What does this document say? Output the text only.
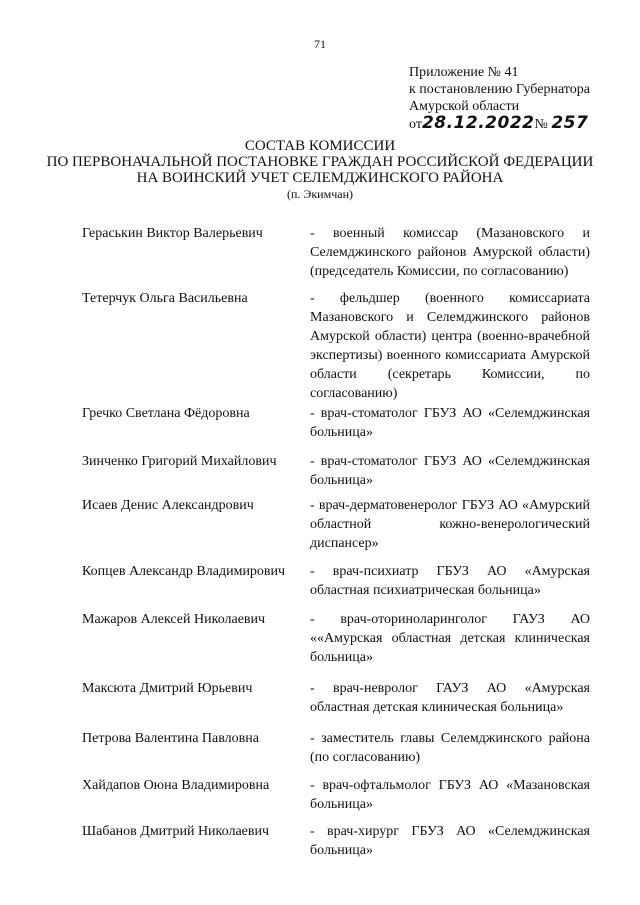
71
Приложение № 41
к постановлению Губернатора
Амурской области
от28.12.2022№ 257
СОСТАВ КОМИССИИ
ПО ПЕРВОНАЧАЛЬНОЙ ПОСТАНОВКЕ ГРАЖДАН РОССИЙСКОЙ ФЕДЕРАЦИИ
НА ВОИНСКИЙ УЧЕТ СЕЛЕМДЖИНСКОГО РАЙОНА
(п. Экимчан)
Гераськин Виктор Валерьевич	- военный комиссар (Мазановского и Селемджинского районов Амурской области) (председатель Комиссии, по согласованию)
Тетерчук Ольга Васильевна	- фельдшер (военного комиссариата Мазановского и Селемджинского районов Амурской области) центра (военно-врачебной экспертизы) военного комиссариата Амурской области (секретарь Комиссии, по согласованию)
Гречко Светлана Фёдоровна	- врач-стоматолог ГБУЗ АО «Селемджинская больница»
Зинченко Григорий Михайлович - врач-стоматолог ГБУЗ АО «Селемджинская больница»
Исаев Денис Александрович	- врач-дерматовенеролог ГБУЗ АО «Амурский областной кожно-венерологический диспансер»
Копцев Александр Владимирович - врач-психиатр ГБУЗ АО «Амурская областная психиатрическая больница»
Мажаров Алексей Николаевич	- врач-оториноларинголог ГАУЗ АО ««Амурская областная детская клиническая больница»
Максюта Дмитрий Юрьевич	- врач-невролог ГАУЗ АО «Амурская областная детская клиническая больница»
Петрова Валентина Павловна	- заместитель главы Селемджинского района (по согласованию)
Хайдапов Оюна Владимировна	- врач-офтальмолог ГБУЗ АО «Мазановская больница»
Шабанов Дмитрий Николаевич	- врач-хирург ГБУЗ АО «Селемджинская больница»
